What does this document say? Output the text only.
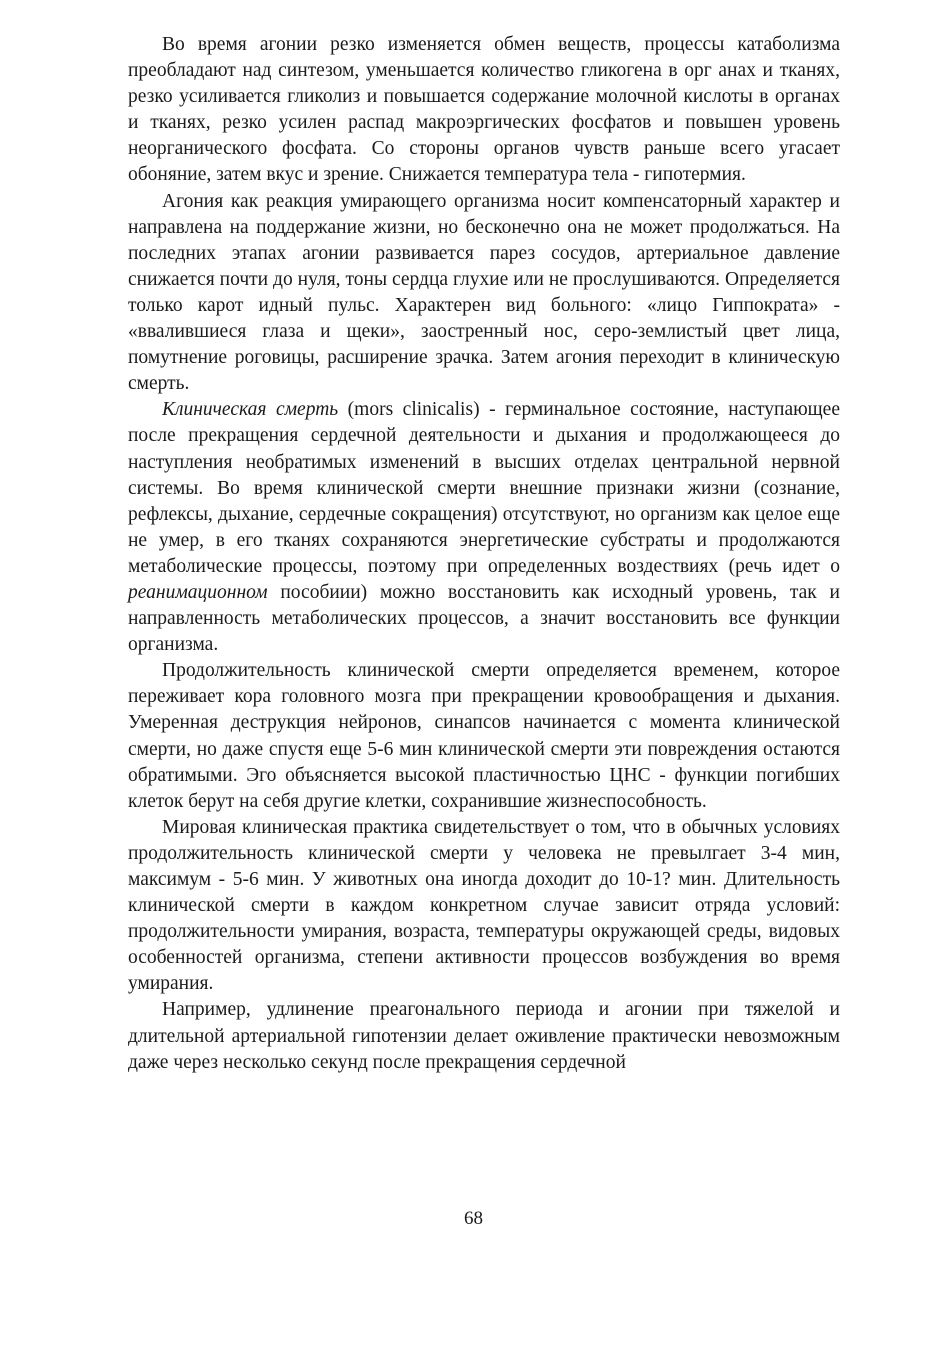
Во время агонии резко изменяется обмен веществ, процессы катаболизма преобладают над синтезом, уменьшается количество гликогена в орг анах и тканях, резко усиливается гликолиз и повышается содержание молочной кислоты в органах и тканях, резко усилен распад макроэргических фосфатов и повышен уровень неорганического фосфата. Со стороны органов чувств раньше всего угасает обоняние, затем вкус и зрение. Снижается температура тела - гипотермия.

Агония как реакция умирающего организма носит компенсаторный характер и направлена на поддержание жизни, но бесконечно она не может продолжаться. На последних этапах агонии развивается парез сосудов, артериальное давление снижается почти до нуля, тоны сердца глухие или не прослушиваются. Определяется только карот идный пульс. Характерен вид больного: «лицо Гиппократа» - «ввалившиеся глаза и щеки», заостренный нос, серо-землистый цвет лица, помутнение роговицы, расширение зрачка. Затем агония переходит в клиническую смерть.

Клиническая смерть (mors clinicalis) - герминальное состояние, наступающее после прекращения сердечной деятельности и дыхания и продолжающееся до наступления необратимых изменений в высших отделах центральной нервной системы. Во время клинической смерти внешние признаки жизни (сознание, рефлексы, дыхание, сердечные сокращения) отсутствуют, но организм как целое еще не умер, в его тканях сохраняются энергетические субстраты и продолжаются метаболические процессы, поэтому при определенных воздествиях (речь идет о реанимационном пособиии) можно восстановить как исходный уровень, так и направленность метаболических процессов, а значит восстановить все функции организма.

Продолжительность клинической смерти определяется временем, которое переживает кора головного мозга при прекращении кровообращения и дыхания. Умеренная деструкция нейронов, синапсов начинается с момента клинической смерти, но даже спустя еще 5-6 мин клинической смерти эти повреждения остаются обратимыми. Эго объясняется высокой пластичностью ЦНС - функции погибших клеток берут на себя другие клетки, сохранившие жизнеспособность.

Мировая клиническая практика свидетельствует о том, что в обычных условиях продолжительность клинической смерти у человека не превылгает 3-4 мин, максимум - 5-6 мин. У животных она иногда доходит до 10-1? мин. Длительность клинической смерти в каждом конкретном случае зависит отряда условий: продолжительности умирания, возраста, температуры окружающей среды, видовых особенностей организма, степени активности процессов возбуждения во время умирания.

Например, удлинение преагонального периода и агонии при тяжелой и длительной артериальной гипотензии делает оживление практически невозможным даже через несколько секунд после прекращения сердечной

68
